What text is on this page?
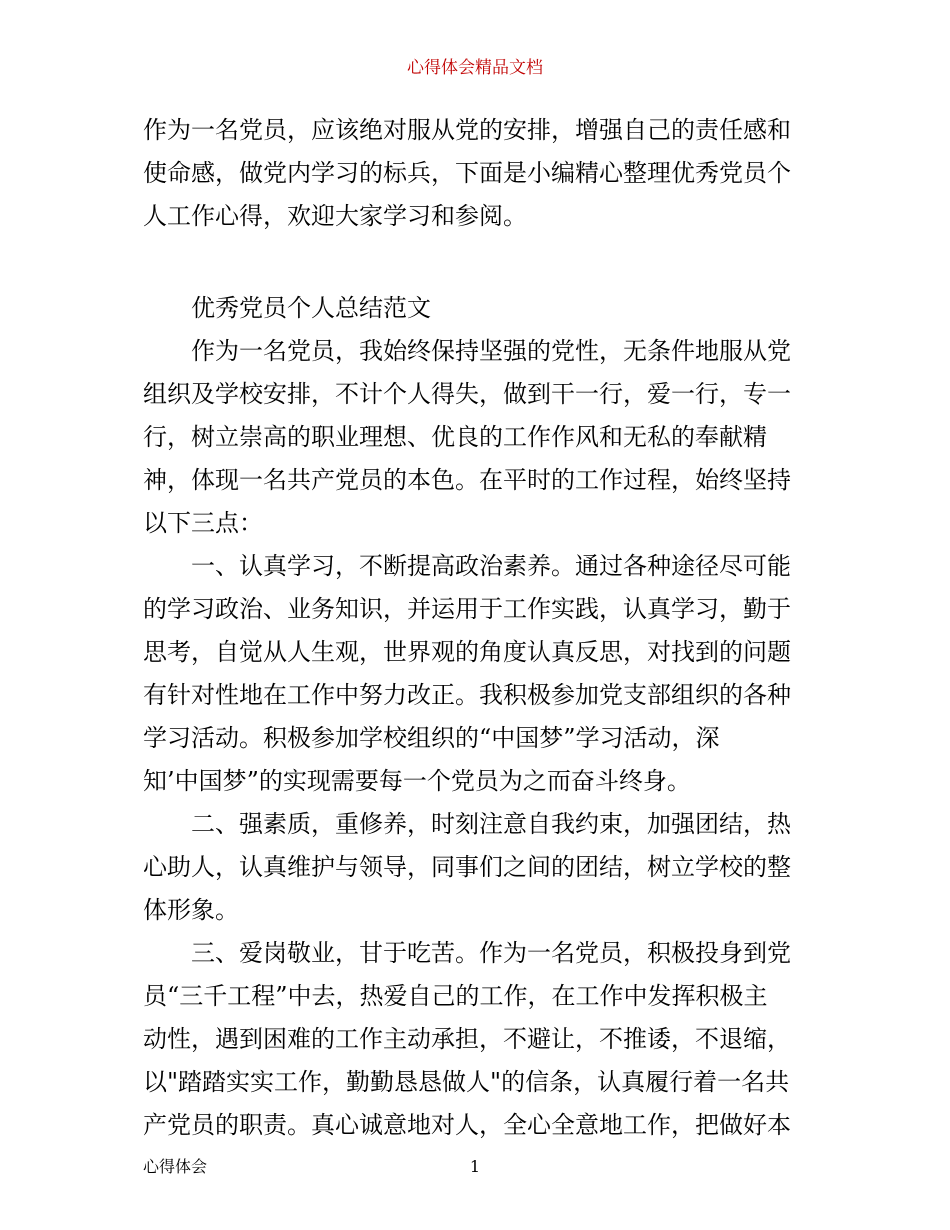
心得体会精品文档
作为一名党员，应该绝对服从党的安排，增强自己的责任感和
使命感，做党内学习的标兵，下面是小编精心整理优秀党员个
人工作心得，欢迎大家学习和参阅。
优秀党员个人总结范文
作为一名党员，我始终保持坚强的党性，无条件地服从党
组织及学校安排，不计个人得失，做到干一行，爱一行，专一
行，树立崇高的职业理想、优良的工作作风和无私的奉献精
神，体现一名共产党员的本色。在平时的工作过程，始终坚持
以下三点：
一、认真学习，不断提高政治素养。通过各种途径尽可能
的学习政治、业务知识，并运用于工作实践，认真学习，勤于
思考，自觉从人生观，世界观的角度认真反思，对找到的问题
有针对性地在工作中努力改正。我积极参加党支部组织的各种
学习活动。积极参加学校组织的“中国梦”学习活动，深
知’中国梦”的实现需要每一个党员为之而奋斗终身。
二、强素质，重修养，时刻注意自我约束，加强团结，热
心助人，认真维护与领导，同事们之间的团结，树立学校的整
体形象。
三、爱岗敬业，甘于吃苦。作为一名党员，积极投身到党
员“三千工程”中去，热爱自己的工作，在工作中发挥积极主
动性，遇到困难的工作主动承担，不避让，不推诿，不退缩，
以"踏踏实实工作，勤勤恳恳做人"的信条，认真履行着一名共
产党员的职责。真心诚意地对人，全心全意地工作，把做好本
心得体会	1
